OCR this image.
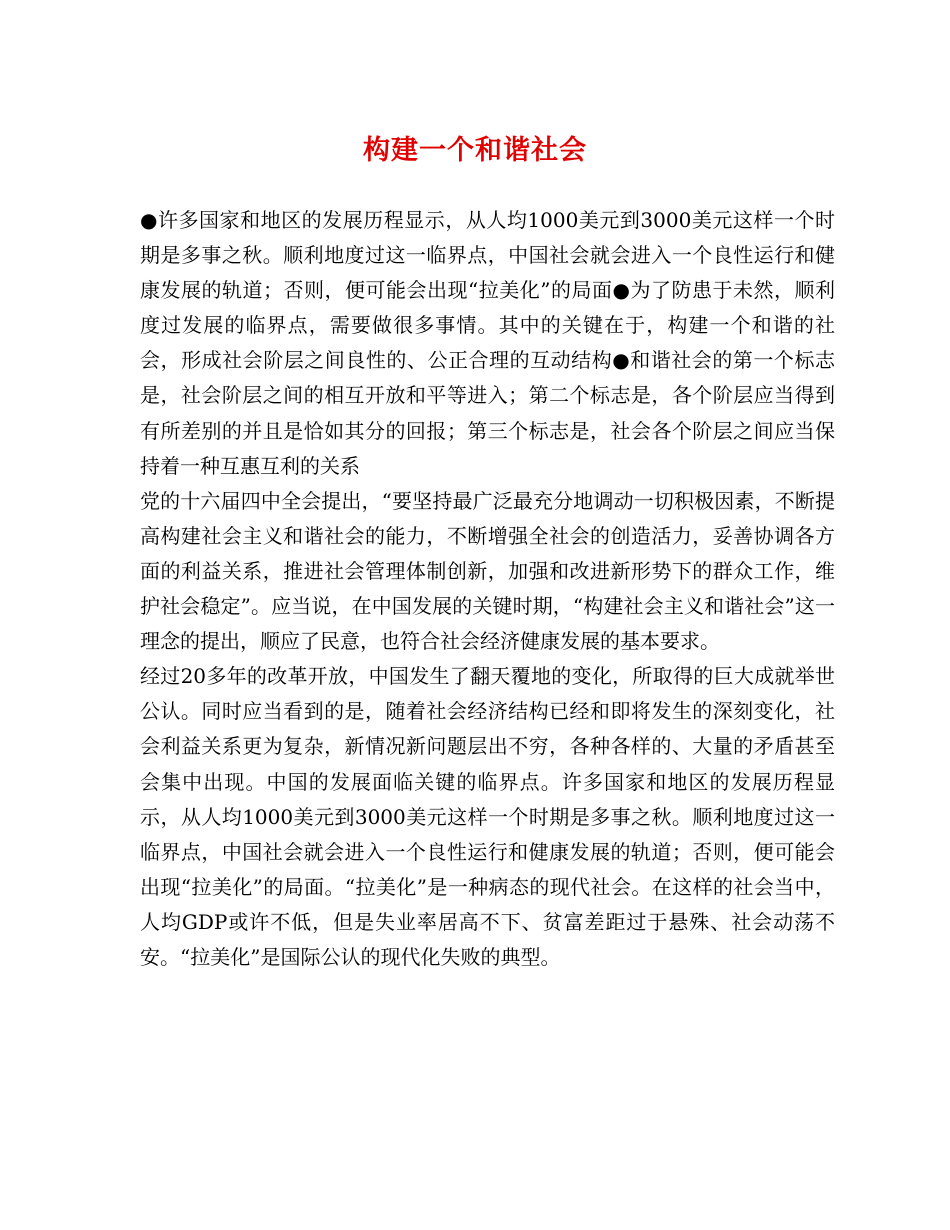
构建一个和谐社会

●许多国家和地区的发展历程显示，从人均1000美元到3000美元这样一个时期是多事之秋。顺利地度过这一临界点，中国社会就会进入一个良性运行和健康发展的轨道；否则，便可能会出现“拉美化”的局面●为了防患于未然，顺利度过发展的临界点，需要做很多事情。其中的关键在于，构建一个和谐的社会，形成社会阶层之间良性的、公正合理的互动结构●和谐社会的第一个标志是，社会阶层之间的相互开放和平等进入；第二个标志是，各个阶层应当得到有所差别的并且是恰如其分的回报；第三个标志是，社会各个阶层之间应当保持着一种互惠互利的关系

党的十六届四中全会提出，“要坚持最广泛最充分地调动一切积极因素，不断提高构建社会主义和谐社会的能力，不断增强全社会的创造活力，妥善协调各方面的利益关系，推进社会管理体制创新，加强和改进新形势下的群众工作，维护社会稳定”。应当说，在中国发展的关键时期，“构建社会主义和谐社会”这一理念的提出，顺应了民意，也符合社会经济健康发展的基本要求。

经过20多年的改革开放，中国发生了翻天覆地的变化，所取得的巨大成就举世公认。同时应当看到的是，随着社会经济结构已经和即将发生的深刻变化，社会利益关系更为复杂，新情况新问题层出不穷，各种各样的、大量的矛盾甚至会集中出现。中国的发展面临关键的临界点。许多国家和地区的发展历程显示，从人均1000美元到3000美元这样一个时期是多事之秋。顺利地度过这一临界点，中国社会就会进入一个良性运行和健康发展的轨道；否则，便可能会出现“拉美化”的局面。“拉美化”是一种病态的现代社会。在这样的社会当中，人均GDP或许不低，但是失业率居高不下、贫富差距过于悬殊、社会动荡不安。“拉美化”是国际公认的现代化失败的典型。
